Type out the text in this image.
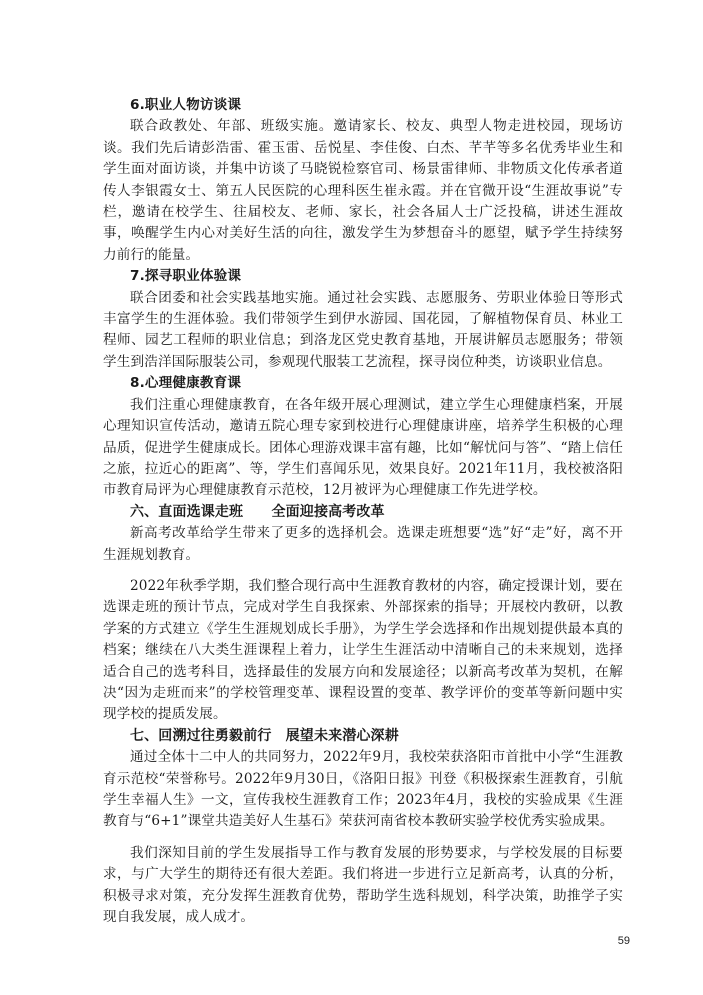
6.职业人物访谈课

联合政教处、年部、班级实施。邀请家长、校友、典型人物走进校园，现场访谈。我们先后请彭浩雷、霍玉雷、岳悦星、李佳俊、白杰、芊芊等多名优秀毕业生和学生面对面访谈，并集中访谈了马晓锐检察官司、杨景雷律师、非物质文化传承者道传人李银霞女士、第五人民医院的心理科医生崔永霞。并在官微开设“生涯故事说”专栏，邀请在校学生、往届校友、老师、家长，社会各届人士广泛投稿，讲述生涯故事，唤醒学生内心对美好生活的向往，激发学生为梦想奋斗的愿望，赋予学生持续努力前行的能量。

7.探寻职业体验课

联合团委和社会实践基地实施。通过社会实践、志愿服务、劳职业体验日等形式丰富学生的生涯体验。我们带领学生到伊水游园、国花园，了解植物保育员、林业工程师、园艺工程师的职业信息；到洛龙区党史教育基地，开展讲解员志愿服务；带领学生到浩洋国际服装公司，参观现代服装工艺流程，探寻岗位种类，访谈职业信息。

8.心理健康教育课

我们注重心理健康教育，在各年级开展心理测试，建立学生心理健康档案，开展心理知识宣传活动，邀请五院心理专家到校进行心理健康讲座，培养学生积极的心理品质，促进学生健康成长。团体心理游戏课丰富有趣，比如“解忧问与答”、“踏上信任之旅，拉近心的距离”、等，学生们喜闻乐见，效果良好。2021年11月，我校被洛阳市教育局评为心理健康教育示范校，12月被评为心理健康工作先进学校。

六、直面选课走班　　全面迎接高考改革

新高考改革给学生带来了更多的选择机会。选课走班想要“选”好“走”好，离不开生涯规划教育。

2022年秋季学期，我们整合现行高中生涯教育教材的内容，确定授课计划，要在选课走班的预计节点，完成对学生自我探索、外部探索的指导；开展校内教研，以教学案的方式建立《学生生涯规划成长手册》，为学生学会选择和作出规划提供最本真的档案；继续在八大类生涯课程上着力，让学生生涯活动中清晰自己的未来规划，选择适合自己的选考科目，选择最佳的发展方向和发展途径；以新高考改革为契机，在解决“因为走班而来”的学校管理变革、课程设置的变革、教学评价的变革等新问题中实现学校的提质发展。

七、回溯过往勇毅前行　展望未来潜心深耕

通过全体十二中人的共同努力，2022年9月，我校荣获洛阳市首批中小学“生涯教育示范校“荣誉称号。2022年9月30日，《洛阳日报》刊登《积极探索生涯教育，引航学生幸福人生》一文，宣传我校生涯教育工作；2023年4月，我校的实验成果《生涯教育与“6+1”课堂共造美好人生基石》荣获河南省校本教研实验学校优秀实验成果。

我们深知目前的学生发展指导工作与教育发展的形势要求，与学校发展的目标要求，与广大学生的期待还有很大差距。我们将进一步进行立足新高考，认真的分析，积极寻求对策，充分发挥生涯教育优势，帮助学生选科规划，科学决策，助推学子实现自我发展，成人成才。

59
